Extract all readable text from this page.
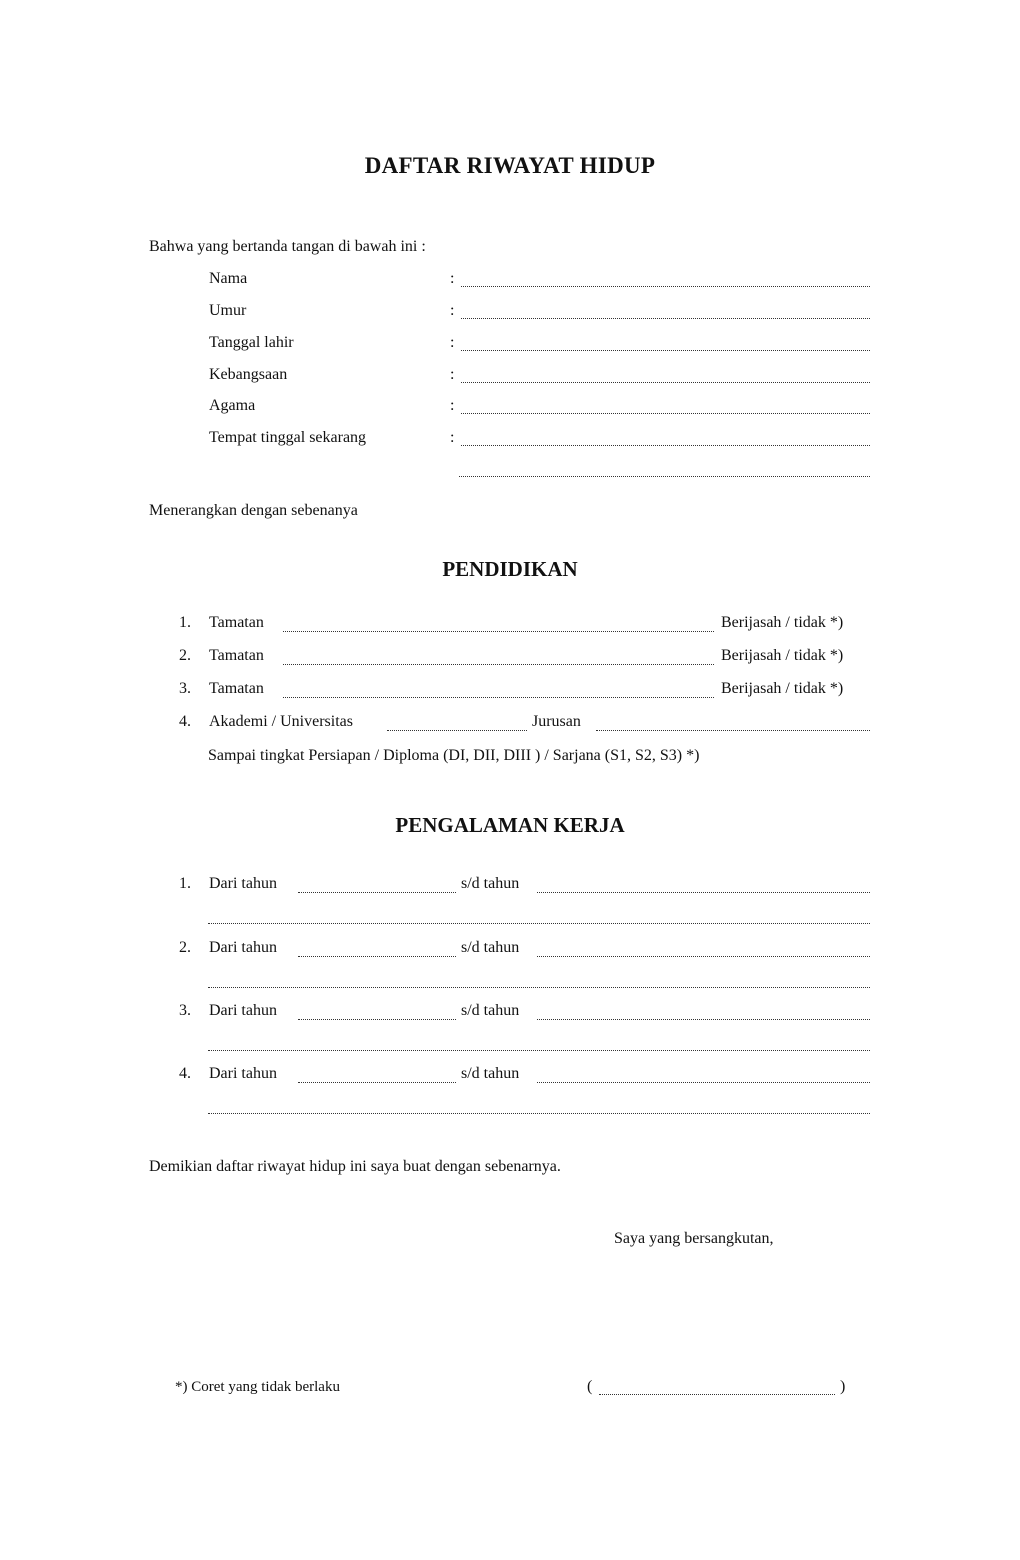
DAFTAR RIWAYAT HIDUP
Bahwa yang bertanda tangan di bawah ini :
Nama	:
Umur	:
Tanggal lahir	:
Kebangsaan	:
Agama	:
Tempat tinggal sekarang	:
Menerangkan dengan sebenanya
PENDIDIKAN
1. Tamatan	Berijasah / tidak *)
2. Tamatan	Berijasah / tidak *)
3. Tamatan	Berijasah / tidak *)
4. Akademi / Universitas	Jurusan
Sampai tingkat Persiapan / Diploma (DI, DII, DIII ) / Sarjana (S1, S2, S3) *)
PENGALAMAN KERJA
1. Dari tahun	s/d tahun
2. Dari tahun	s/d tahun
3. Dari tahun	s/d tahun
4. Dari tahun	s/d tahun
Demikian daftar riwayat hidup ini saya buat dengan sebenarnya.
Saya yang bersangkutan,
*) Coret yang tidak berlaku	(	)
